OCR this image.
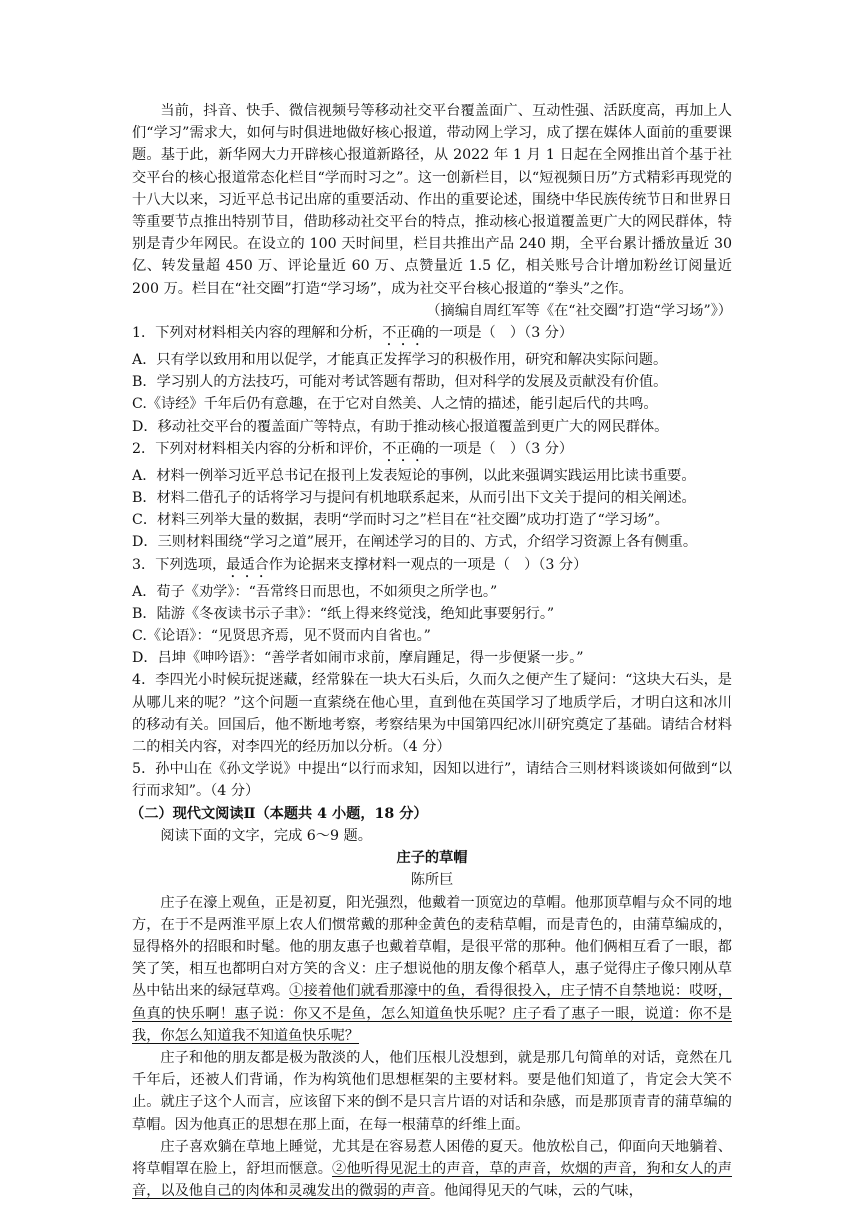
当前，抖音、快手、微信视频号等移动社交平台覆盖面广、互动性强、活跃度高，再加上人们“学习”需求大，如何与时俱进地做好核心报道，带动网上学习，成了摆在媒体人面前的重要课题。基于此，新华网大力开辟核心报道新路径，从 2022 年 1 月 1 日起在全网推出首个基于社交平台的核心报道常态化栏目“学而时习之”。这一创新栏目，以“短视频日历”方式精彩再现党的十八大以来，习近平总书记出席的重要活动、作出的重要论述，围绕中华民族传统节日和世界日等重要节点推出特别节目，借助移动社交平台的特点，推动核心报道覆盖更广大的网民群体，特别是青少年网民。在设立的 100 天时间里，栏目共推出产品 240 期，全平台累计播放量近 30 亿、转发量超 450 万、评论量近 60 万、点赞量近 1.5 亿，相关账号合计增加粉丝订阅量近 200 万。栏目在“社交圈”打造“学习场”，成为社交平台核心报道的“拳头”之作。

（摘编自周红军等《在“社交圈”打造“学习场”》）

1．下列对材料相关内容的理解和分析，不正确的一项是（　）（3 分）

A．只有学以致用和用以促学，才能真正发挥学习的积极作用，研究和解决实际问题。

B．学习别人的方法技巧，可能对考试答题有帮助，但对科学的发展及贡献没有价值。

C.《诗经》千年后仍有意趣，在于它对自然美、人之情的描述，能引起后代的共鸣。

D．移动社交平台的覆盖面广等特点，有助于推动核心报道覆盖到更广大的网民群体。

2．下列对材料相关内容的分析和评价，不正确的一项是（　）（3 分）

A．材料一例举习近平总书记在报刊上发表短论的事例，以此来强调实践运用比读书重要。

B．材料二借孔子的话将学习与提问有机地联系起来，从而引出下文关于提问的相关阐述。

C．材料三列举大量的数据，表明“学而时习之”栏目在“社交圈”成功打造了“学习场”。

D．三则材料围绕“学习之道”展开，在阐述学习的目的、方式，介绍学习资源上各有侧重。

3．下列选项，最适合作为论据来支撑材料一观点的一项是（　）（3 分）

A．荀子《劝学》：“吾常终日而思也，不如须臾之所学也。”

B．陆游《冬夜读书示子聿》：“纸上得来终觉浅，绝知此事要躬行。”

C.《论语》：“见贤思齐焉，见不贤而内自省也。”

D．吕坤《呻吟语》：“善学者如闹市求前，摩肩踵足，得一步便紧一步。”

4．李四光小时候玩捉迷藏，经常躲在一块大石头后，久而久之便产生了疑问：“这块大石头，是从哪儿来的呢？”这个问题一直萦绕在他心里，直到他在英国学习了地质学后，才明白这和冰川的移动有关。回国后，他不断地考察，考察结果为中国第四纪冰川研究奠定了基础。请结合材料二的相关内容，对李四光的经历加以分析。（4 分）

5．孙中山在《孙文学说》中提出“以行而求知，因知以进行”，请结合三则材料谈谈如何做到“以行而求知”。（4 分）

（二）现代文阅读Ⅱ（本题共 4 小题，18 分）

阅读下面的文字，完成 6～9 题。

庄子的草帽

陈所巨

庄子在濠上观鱼，正是初夏，阳光强烈，他戴着一顶宽边的草帽。他那顶草帽与众不同的地方，在于不是两淮平原上农人们惯常戴的那种金黄色的麦秸草帽，而是青色的，由蒲草编成的，显得格外的招眼和时髦。他的朋友惠子也戴着草帽，是很平常的那种。他们俩相互看了一眼，都笑了笑，相互也都明白对方笑的含义：庄子想说他的朋友像个稻草人，惠子觉得庄子像只刚从草丛中钻出来的绿冠草鸡。①接着他们就看那濠中的鱼，看得很投入，庄子情不自禁地说：哎呀，鱼真的快乐啊！惠子说：你又不是鱼，怎么知道鱼快乐呢？庄子看了惠子一眼，说道：你不是我，你怎么知道我不知道鱼快乐呢？

庄子和他的朋友都是极为散淡的人，他们压根儿没想到，就是那几句简单的对话，竟然在几千年后，还被人们背诵，作为构筑他们思想框架的主要材料。要是他们知道了，肯定会大笑不止。就庄子这个人而言，应该留下来的倒不是只言片语的对话和杂感，而是那顶青青的蒲草编的草帽。因为他真正的思想在那上面，在每一根蒲草的纤维上面。

庄子喜欢躺在草地上睡觉，尤其是在容易惹人困倦的夏天。他放松自己，仰面向天地躺着、将草帽罩在脸上，舒坦而惬意。②他听得见泥土的声音，草的声音，炊烟的声音，狗和女人的声音，以及他自己的肉体和灵魂发出的微弱的声音。他闻得见天的气味，云的气味，
